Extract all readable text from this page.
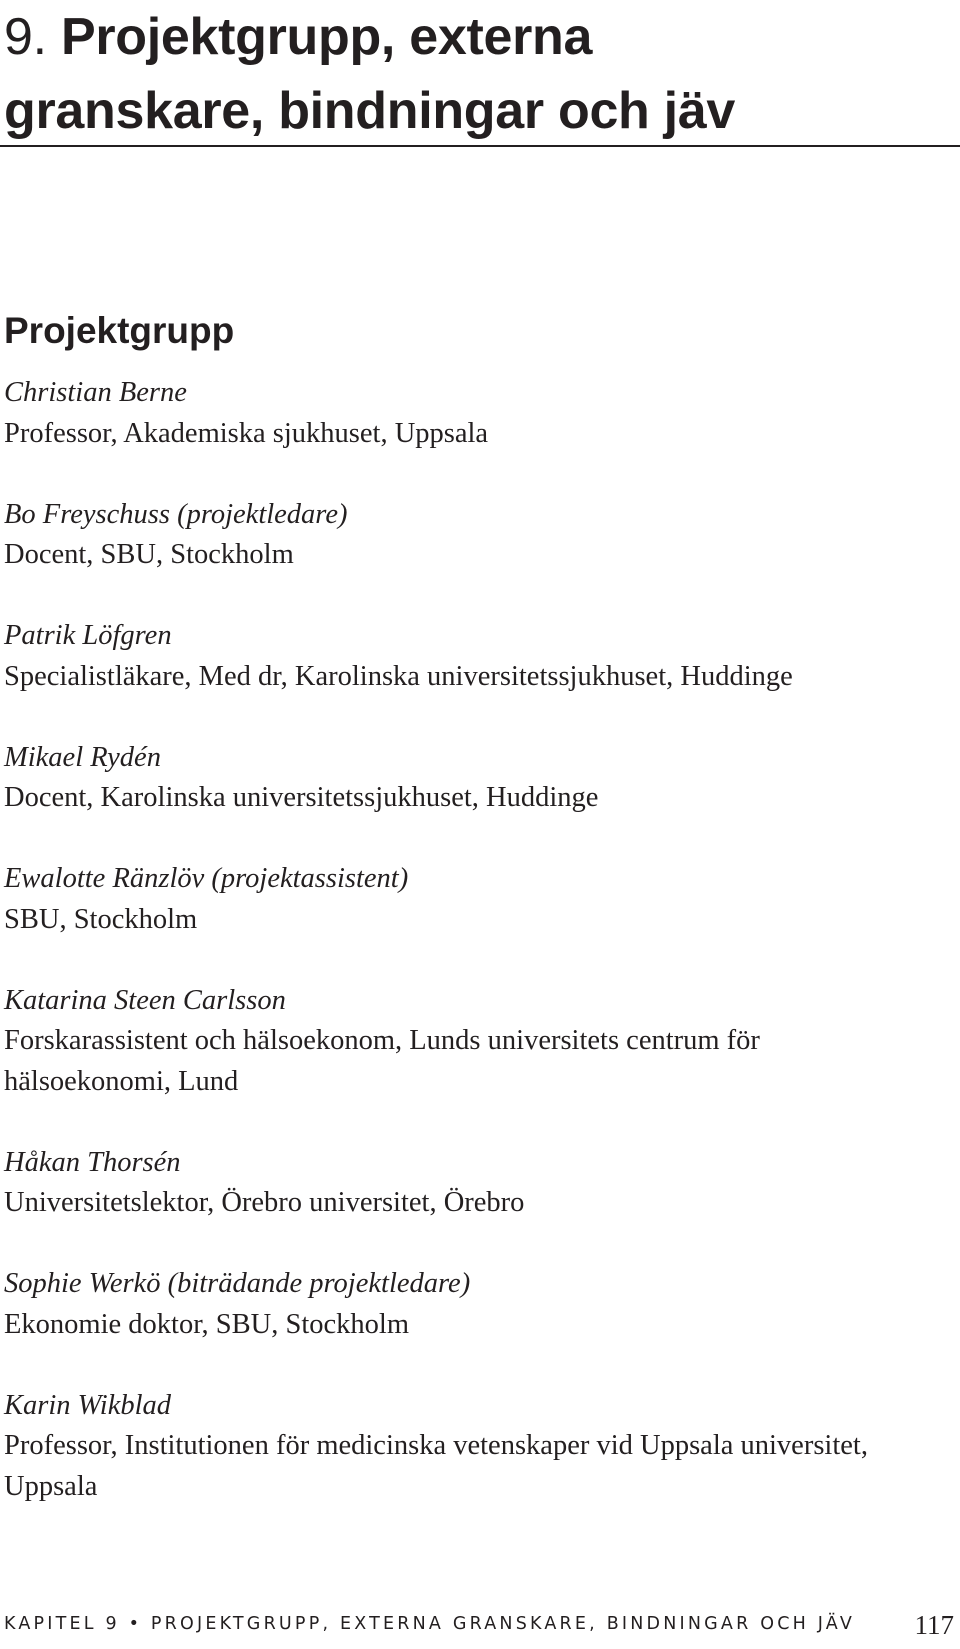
9. Projektgrupp, externa
granskare, bindningar och jäv
Projektgrupp
Christian Berne
Professor, Akademiska sjukhuset, Uppsala
Bo Freyschuss (projektledare)
Docent, SBU, Stockholm
Patrik Löfgren
Specialistläkare, Med dr, Karolinska universitetssjukhuset, Huddinge
Mikael Rydén
Docent, Karolinska universitetssjukhuset, Huddinge
Ewalotte Ränzlöv (projektassistent)
SBU, Stockholm
Katarina Steen Carlsson
Forskarassistent och hälsoekonom, Lunds universitets centrum för hälsoekonomi, Lund
Håkan Thorsén
Universitetslektor, Örebro universitet, Örebro
Sophie Werkö (biträdande projektledare)
Ekonomie doktor, SBU, Stockholm
Karin Wikblad
Professor, Institutionen för medicinska vetenskaper vid Uppsala universitet, Uppsala
KAPITEL 9 • PROJEKTGRUPP, EXTERNA GRANSKARE, BINDNINGAR OCH JÄV 117
